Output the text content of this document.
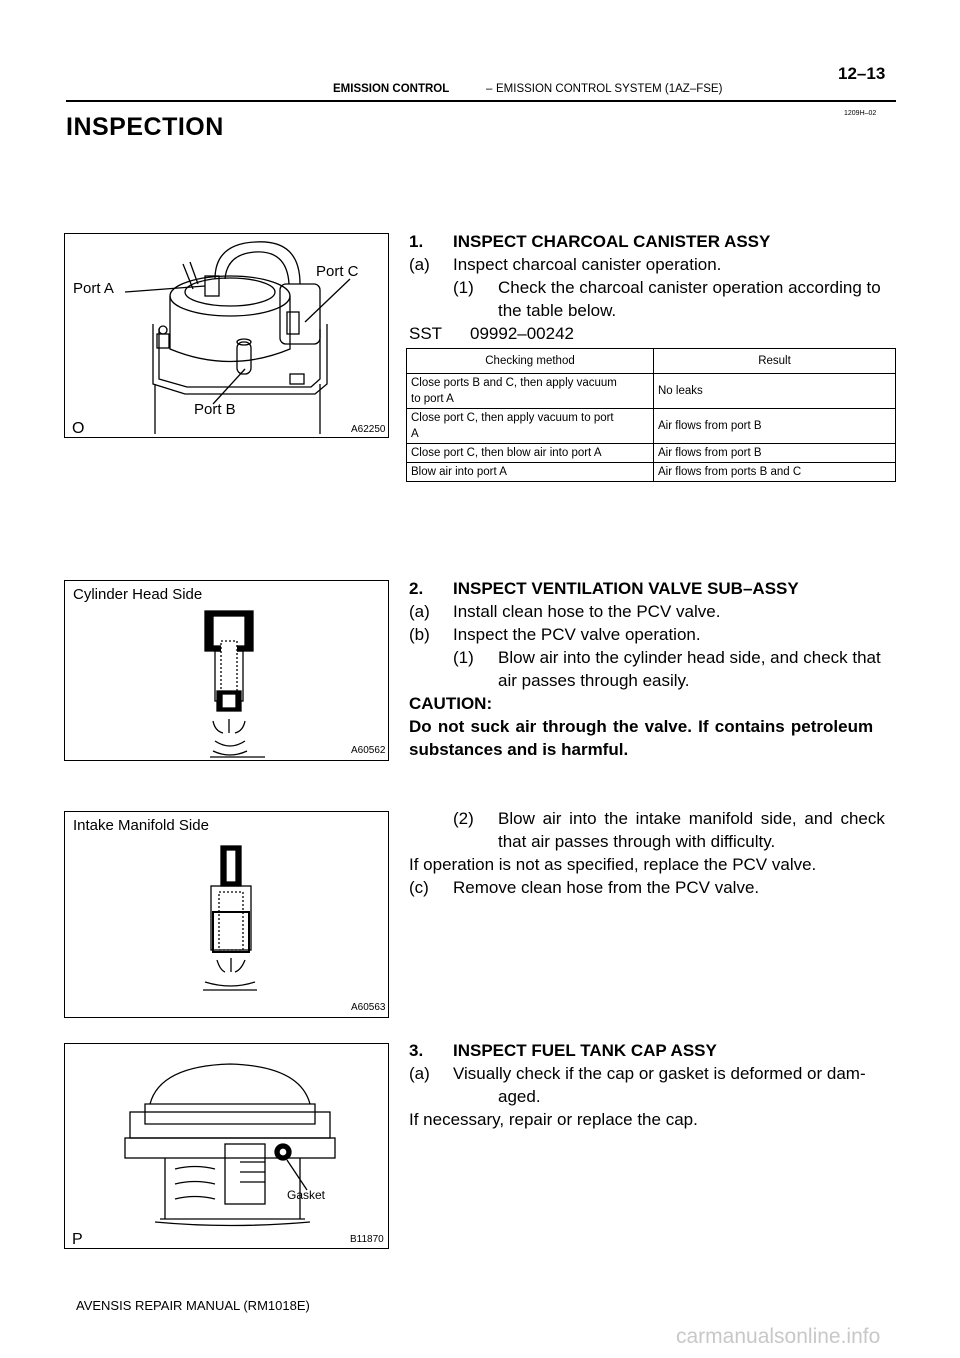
12–13
EMISSION CONTROL	– EMISSION CONTROL SYSTEM (1AZ–FSE)
1209H–02
INSPECTION
Port A
Port C
Port B
O	A62250
Cylinder Head Side
A60562
Intake Manifold Side
A60563
Gasket
P	B11870
1. INSPECT CHARCOAL CANISTER ASSY
(a) Inspect charcoal canister operation.
(1) Check the charcoal canister operation according to
the table below.
SST 09992–00242
Checking method	Result
Close ports B and C, then apply vacuum
to port A	No leaks
Close port C, then apply vacuum to port
A	Air flows from port B
Close port C, then blow air into port A	Air flows from port B
Blow air into port A	Air flows from ports B and C
2. INSPECT VENTILATION VALVE SUB–ASSY
(a) Install clean hose to the PCV valve.
(b) Inspect the PCV valve operation.
(1) Blow air into the cylinder head side, and check that
air passes through easily.
CAUTION:
Do not suck air through the valve. If contains petroleum
substances and is harmful.
(2) Blow air into the intake manifold side, and check
that air passes through with difficulty.
If operation is not as specified, replace the PCV valve.
(c) Remove clean hose from the PCV valve.
3. INSPECT FUEL TANK CAP ASSY
(a) Visually check if the cap or gasket is deformed or dam-
aged.
If necessary, repair or replace the cap.
AVENSIS REPAIR MANUAL (RM1018E)
carmanualsonline.info
